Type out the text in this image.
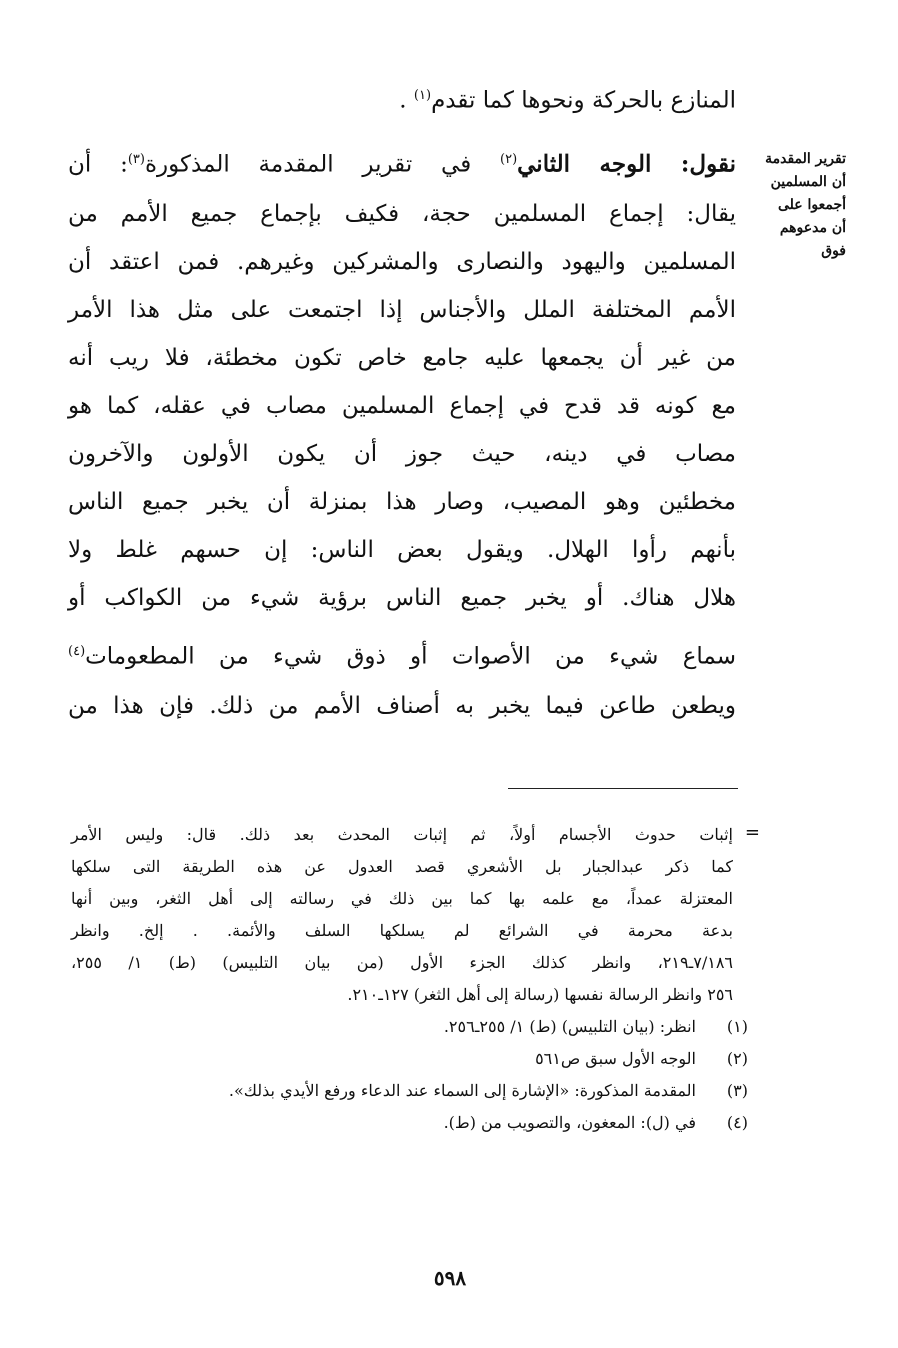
المنازع بالحركة ونحوها كما تقدم$^{(١)}$ .
نقول: الوجه الثاني$^{(٢)}$ في تقرير المقدمة المذكورة$^{(٣)}$: أن
يقال: إجماع المسلمين حجة، فكيف بإجماع جميع الأمم من
المسلمين واليهود والنصارى والمشركين وغيرهم. فمن اعتقد أن
الأمم المختلفة الملل والأجناس إذا اجتمعت على مثل هذا الأمر
من غير أن يجمعها عليه جامع خاص تكون مخطئة، فلا ريب أنه
مع كونه قد قدح في إجماع المسلمين مصاب في عقله، كما هو
مصاب في دينه، حيث جوز أن يكون الأولون والآخرون
مخطئين وهو المصيب، وصار هذا بمنزلة أن يخبر جميع الناس
بأنهم رأوا الهلال. ويقول بعض الناس: إن حسهم غلط ولا
هلال هناك. أو يخبر جميع الناس برؤية شيء من الكواكب أو
سماع شيء من الأصوات أو ذوق شيء من المطعومات$^{(٤)}$
ويطعن طاعن فيما يخبر به أصناف الأمم من ذلك. فإن هذا من
تقرير المقدمة
أن المسلمين
أجمعوا على
أن مدعوهم
فوق
=
إثبات حدوث الأجسام أولاً، ثم إثبات المحدث بعد ذلك. قال: وليس الأمر
كما ذكر عبدالجبار بل الأشعري قصد العدول عن هذه الطريقة التى سلكها
المعتزلة عمداً، مع علمه بها كما بين ذلك في رسالته إلى أهل الثغر، وبين أنها
بدعة محرمة في الشرائع لم يسلكها السلف والأئمة. . إلخ. وانظر
٧/١٨٦ـ٢١٩، وانظر كذلك الجزء الأول (من بيان التلبيس) (ط) ١/ ٢٥٥،
٢٥٦ وانظر الرسالة نفسها (رسالة إلى أهل الثغر) ١٢٧ـ٢١٠.
(١)
انظر: (بيان التلبيس) (ط) ١/ ٢٥٥ـ٢٥٦.
(٢)
الوجه الأول سبق ص٥٦١
(٣)
المقدمة المذكورة: «الإشارة إلى السماء عند الدعاء ورفع الأيدي بذلك».
(٤)
في (ل): المعغون، والتصويب من (ط).
٥٩٨
